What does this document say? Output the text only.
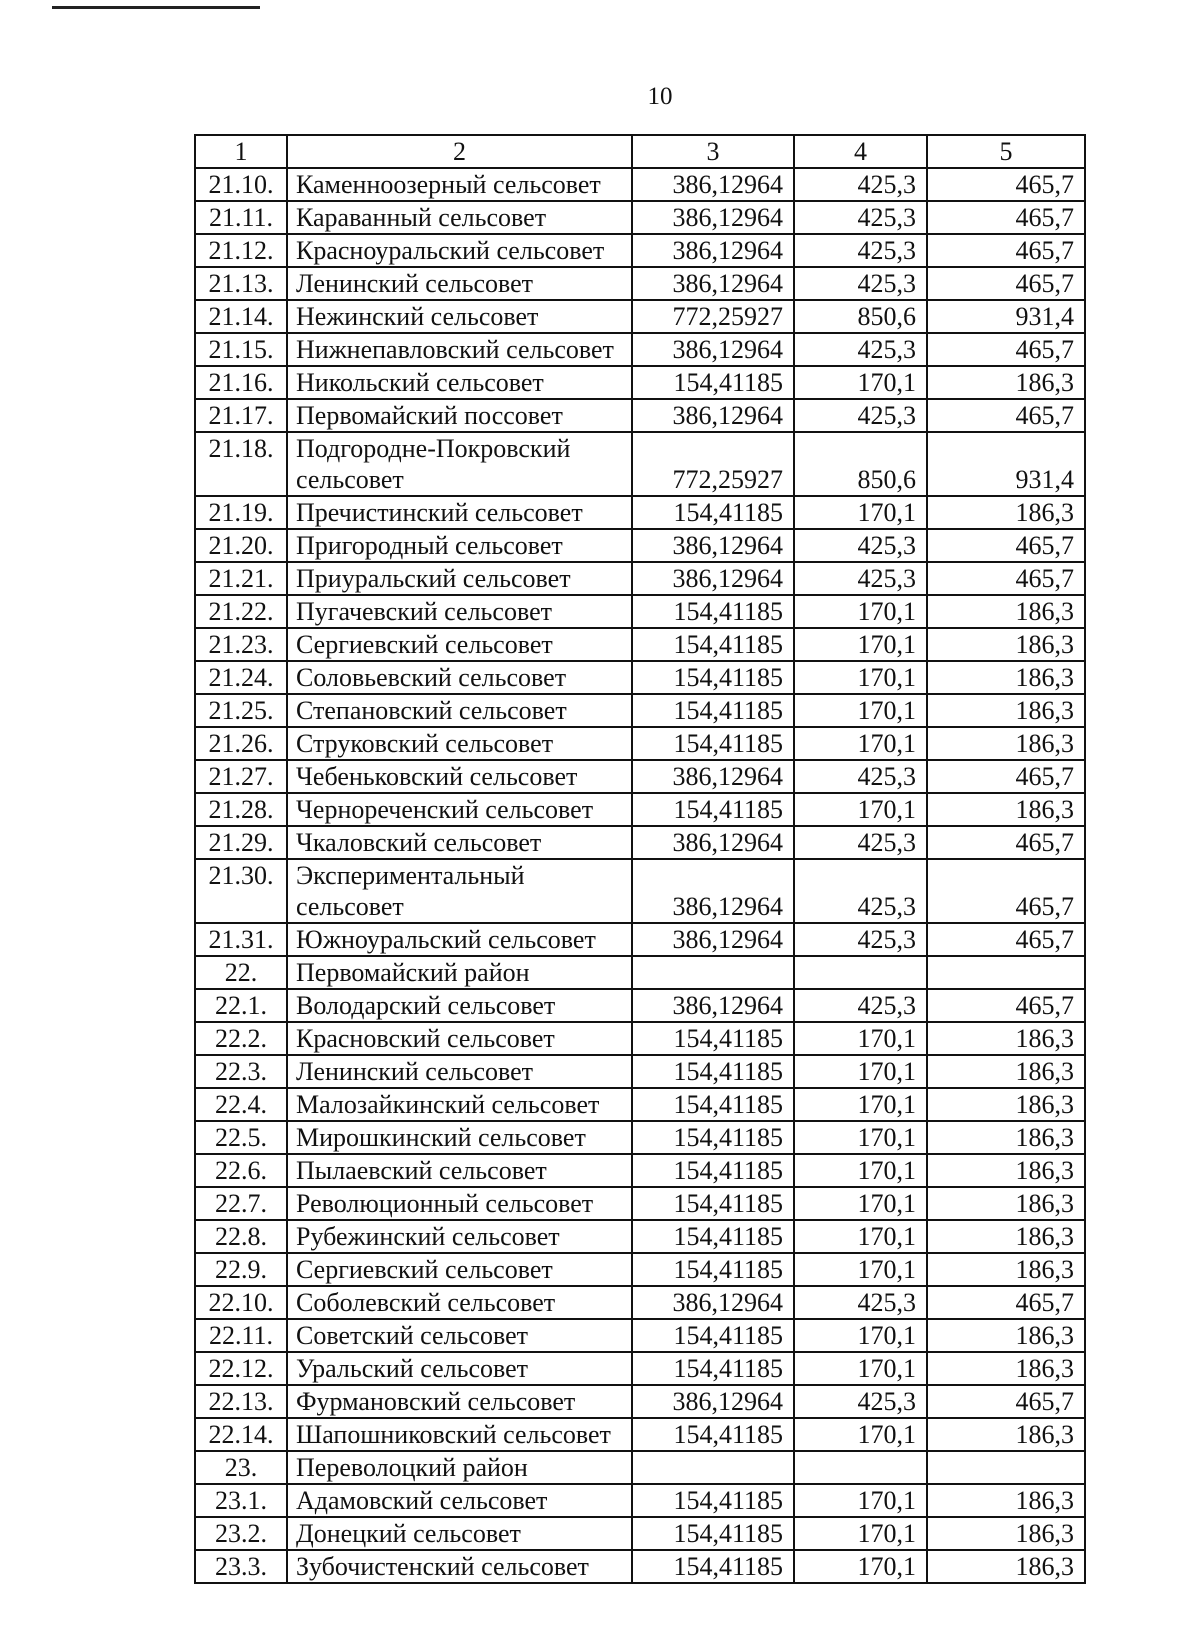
10
1	2	3	4	5
21.10.	Каменноозерный сельсовет	386,12964	425,3	465,7
21.11.	Караванный сельсовет	386,12964	425,3	465,7
21.12.	Красноуральский сельсовет	386,12964	425,3	465,7
21.13.	Ленинский сельсовет	386,12964	425,3	465,7
21.14.	Нежинский сельсовет	772,25927	850,6	931,4
21.15.	Нижнепавловский сельсовет	386,12964	425,3	465,7
21.16.	Никольский сельсовет	154,41185	170,1	186,3
21.17.	Первомайский поссовет	386,12964	425,3	465,7
21.18.	Подгородне-Покровский
сельсовет	772,25927	850,6	931,4
21.19.	Пречистинский сельсовет	154,41185	170,1	186,3
21.20.	Пригородный сельсовет	386,12964	425,3	465,7
21.21.	Приуральский сельсовет	386,12964	425,3	465,7
21.22.	Пугачевский сельсовет	154,41185	170,1	186,3
21.23.	Сергиевский сельсовет	154,41185	170,1	186,3
21.24.	Соловьевский сельсовет	154,41185	170,1	186,3
21.25.	Степановский сельсовет	154,41185	170,1	186,3
21.26.	Струковский сельсовет	154,41185	170,1	186,3
21.27.	Чебеньковский сельсовет	386,12964	425,3	465,7
21.28.	Чернореченский сельсовет	154,41185	170,1	186,3
21.29.	Чкаловский сельсовет	386,12964	425,3	465,7
21.30.	Экспериментальный
сельсовет	386,12964	425,3	465,7
21.31.	Южноуральский сельсовет	386,12964	425,3	465,7
22.	Первомайский район			
22.1.	Володарский сельсовет	386,12964	425,3	465,7
22.2.	Красновский сельсовет	154,41185	170,1	186,3
22.3.	Ленинский сельсовет	154,41185	170,1	186,3
22.4.	Малозайкинский сельсовет	154,41185	170,1	186,3
22.5.	Мирошкинский сельсовет	154,41185	170,1	186,3
22.6.	Пылаевский сельсовет	154,41185	170,1	186,3
22.7.	Революционный сельсовет	154,41185	170,1	186,3
22.8.	Рубежинский сельсовет	154,41185	170,1	186,3
22.9.	Сергиевский сельсовет	154,41185	170,1	186,3
22.10.	Соболевский сельсовет	386,12964	425,3	465,7
22.11.	Советский сельсовет	154,41185	170,1	186,3
22.12.	Уральский сельсовет	154,41185	170,1	186,3
22.13.	Фурмановский сельсовет	386,12964	425,3	465,7
22.14.	Шапошниковский сельсовет	154,41185	170,1	186,3
23.	Переволоцкий район			
23.1.	Адамовский сельсовет	154,41185	170,1	186,3
23.2.	Донецкий сельсовет	154,41185	170,1	186,3
23.3.	Зубочистенский сельсовет	154,41185	170,1	186,3
